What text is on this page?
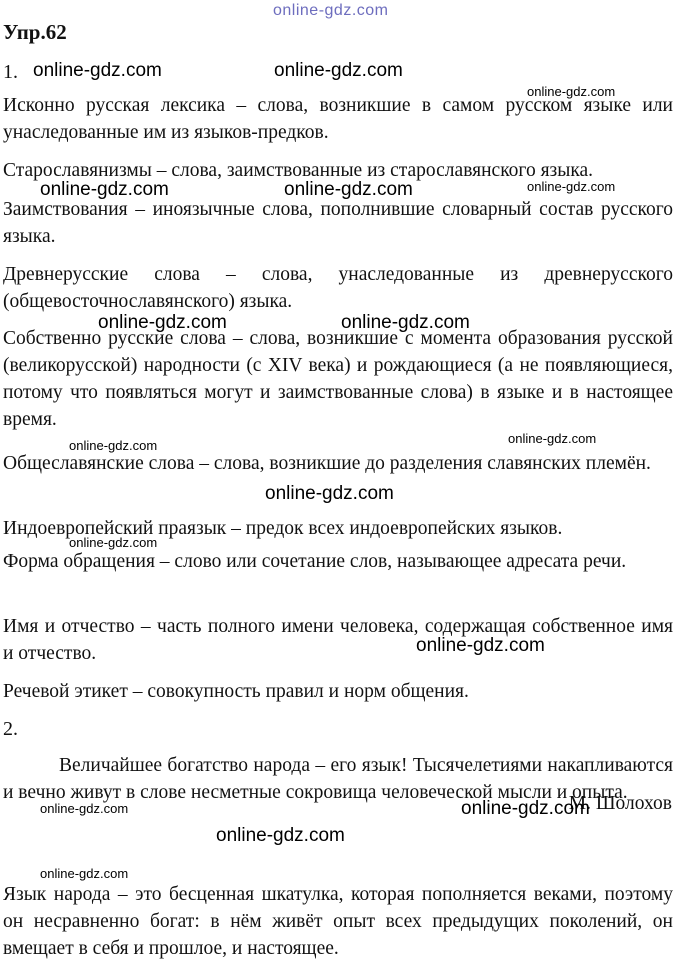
online-gdz.com
Упр.62
1.
Исконно русская лексика – слова, возникшие в самом русском языке или унаследованные им из языков-предков.
Старославянизмы – слова, заимствованные из старославянского языка.
Заимствования – иноязычные слова, пополнившие словарный состав русского языка.
Древнерусские слова – слова, унаследованные из древнерусского (общевосточнославянского) языка.
Собственно русские слова – слова, возникшие с момента образования русской (великорусской) народности (с XIV века) и рождающиеся (а не появляющиеся, потому что появляться могут и заимствованные слова) в языке и в настоящее время.
Общеславянские слова – слова, возникшие до разделения славянских племён.
Индоевропейский праязык – предок всех индоевропейских языков.
Форма обращения – слово или сочетание слов, называющее адресата речи.
Имя и отчество – часть полного имени человека, содержащая собственное имя и отчество.
Речевой этикет – совокупность правил и норм общения.
2.
Величайшее богатство народа – его язык! Тысячелетиями накапливаются и вечно живут в слове несметные сокровища человеческой мысли и опыта.
М. Шолохов
Язык народа – это бесценная шкатулка, которая пополняется веками, поэтому он несравненно богат: в нём живёт опыт всех предыдущих поколений, он вмещает в себя и прошлое, и настоящее.
online-gdz.com	online-gdz.com
online-gdz.com
online-gdz.com	online-gdz.com	online-gdz.com
online-gdz.com	online-gdz.com
online-gdz.com	online-gdz.com
online-gdz.com
online-gdz.com
online-gdz.com
online-gdz.com	online-gdz.com
online-gdz.com
online-gdz.com
